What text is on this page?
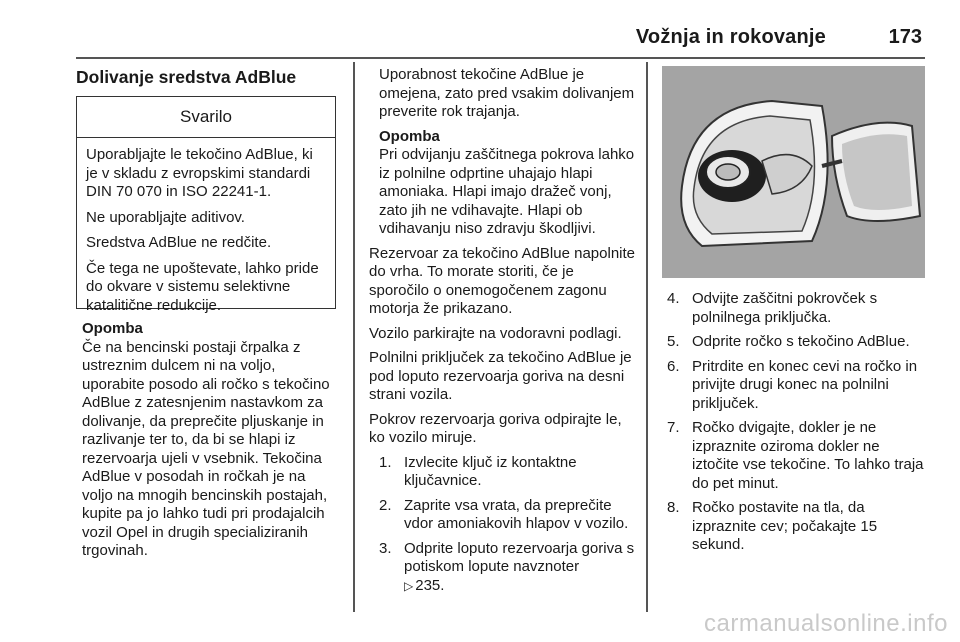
Vožnja in rokovanje	173
Dolivanje sredstva AdBlue
Svarilo

Uporabljajte le tekočino AdBlue, ki je v skladu z evropskimi standardi DIN 70 070 in ISO 22241-1.

Ne uporabljajte aditivov.

Sredstva AdBlue ne redčite.

Če tega ne upoštevate, lahko pride do okvare v sistemu selektivne katalitične redukcije.

Opomba
Če na bencinski postaji črpalka z ustreznim dulcem ni na voljo, uporabite posodo ali ročko s tekočino AdBlue z zatesnjenim nastavkom za dolivanje, da preprečite pljuskanje in razlivanje ter to, da bi se hlapi iz rezervoarja ujeli v vsebnik. Tekočina AdBlue v posodah in ročkah je na voljo na mnogih bencinskih postajah, kupite pa jo lahko tudi pri prodajalcih vozil Opel in drugih specializiranih trgovinah.

Uporabnost tekočine AdBlue je omejena, zato pred vsakim dolivanjem preverite rok trajanja.

Opomba
Pri odvijanju zaščitnega pokrova lahko iz polnilne odprtine uhajajo hlapi amoniaka. Hlapi imajo dražeč vonj, zato jih ne vdihavajte. Hlapi ob vdihavanju niso zdravju škodljivi.

Rezervoar za tekočino AdBlue napolnite do vrha. To morate storiti, če je sporočilo o onemogočenem zagonu motorja že prikazano.

Vozilo parkirajte na vodoravni podlagi.

Polnilni priključek za tekočino AdBlue je pod loputo rezervoarja goriva na desni strani vozila.

Pokrov rezervoarja goriva odpirajte le, ko vozilo miruje.

1. Izvlecite ključ iz kontaktne ključavnice.
2. Zaprite vsa vrata, da preprečite vdor amoniakovih hlapov v vozilo.
3. Odprite loputo rezervoarja goriva s potiskom lopute navznoter
▷ 235.
4. Odvijte zaščitni pokrovček s polnilnega priključka.
5. Odprite ročko s tekočino AdBlue.
6. Pritrdite en konec cevi na ročko in privijte drugi konec na polnilni priključek.
7. Ročko dvigajte, dokler je ne izpraznite oziroma dokler ne iztočite vse tekočine. To lahko traja do pet minut.
8. Ročko postavite na tla, da izpraznite cev; počakajte 15 sekund.
carmanualsonline.info
